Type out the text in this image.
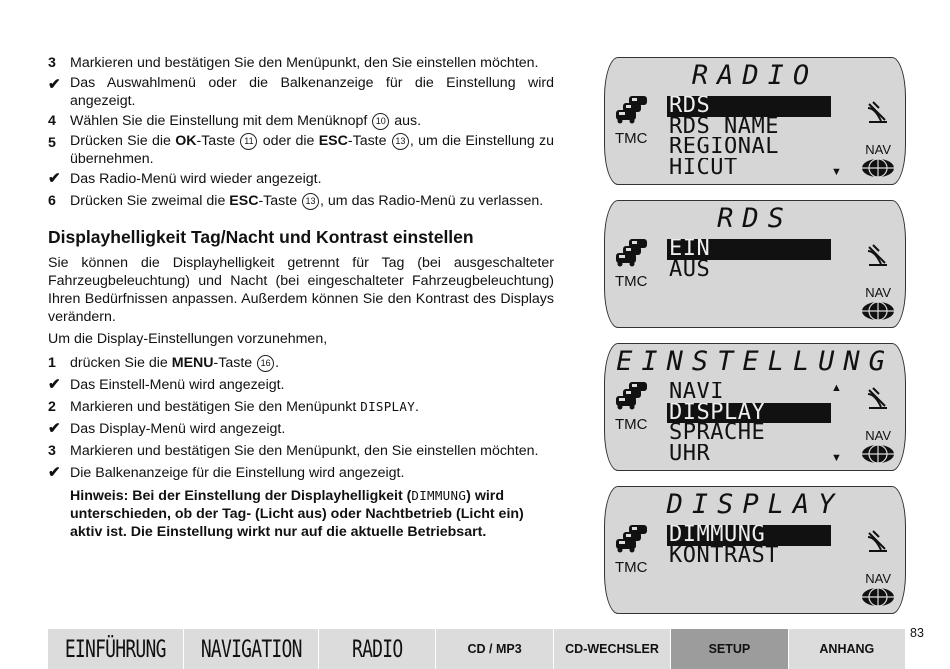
3 Markieren und bestätigen Sie den Menüpunkt, den Sie einstellen möchten.
✔ Das Auswahlmenü oder die Balkenanzeige für die Einstellung wird angezeigt.
4 Wählen Sie die Einstellung mit dem Menüknopf 10 aus.
5 Drücken Sie die OK-Taste 11 oder die ESC-Taste 13 , um die Einstellung zu übernehmen.
✔ Das Radio-Menü wird wieder angezeigt.
6 Drücken Sie zweimal die ESC-Taste 13 , um das Radio-Menü zu verlassen.
Displayhelligkeit Tag/Nacht und Kontrast einstellen

Sie können die Displayhelligkeit getrennt für Tag (bei ausgeschalteter Fahrzeugbeleuchtung) und Nacht (bei eingeschalteter Fahrzeugbeleuchtung) Ihren Bedürfnissen anpassen. Außerdem können Sie den Kontrast des Displays verändern.

Um die Display-Einstellungen vorzunehmen,

1 drücken Sie die MENU-Taste 16 .
✔ Das Einstell-Menü wird angezeigt.
2 Markieren und bestätigen Sie den Menüpunkt DISPLAY.
✔ Das Display-Menü wird angezeigt.
3 Markieren und bestätigen Sie den Menüpunkt, den Sie einstellen möchten.
✔ Die Balkenanzeige für die Einstellung wird angezeigt.
Hinweis: Bei der Einstellung der Displayhelligkeit (DIMMUNG) wird unterschieden, ob der Tag- (Licht aus) oder Nachtbetrieb (Licht ein) aktiv ist. Die Einstellung wirkt nur auf die aktuelle Betriebsart.
RADIO
RDS
RDS NAME
REGIONAL
HICUT	▼
TMC
NAV
RDS
EIN
AUS
TMC
NAV
EINSTELLUNG
NAVI
DISPLAY
SPRACHE
UHR
▲
▼
TMC
NAV
DISPLAY
DIMMUNG
KONTRAST
TMC
NAV
EINFÜHRUNG NAVIGATION	RADIO	CD / MP3	CD-WECHSLER	SETUP	ANHANG
83
